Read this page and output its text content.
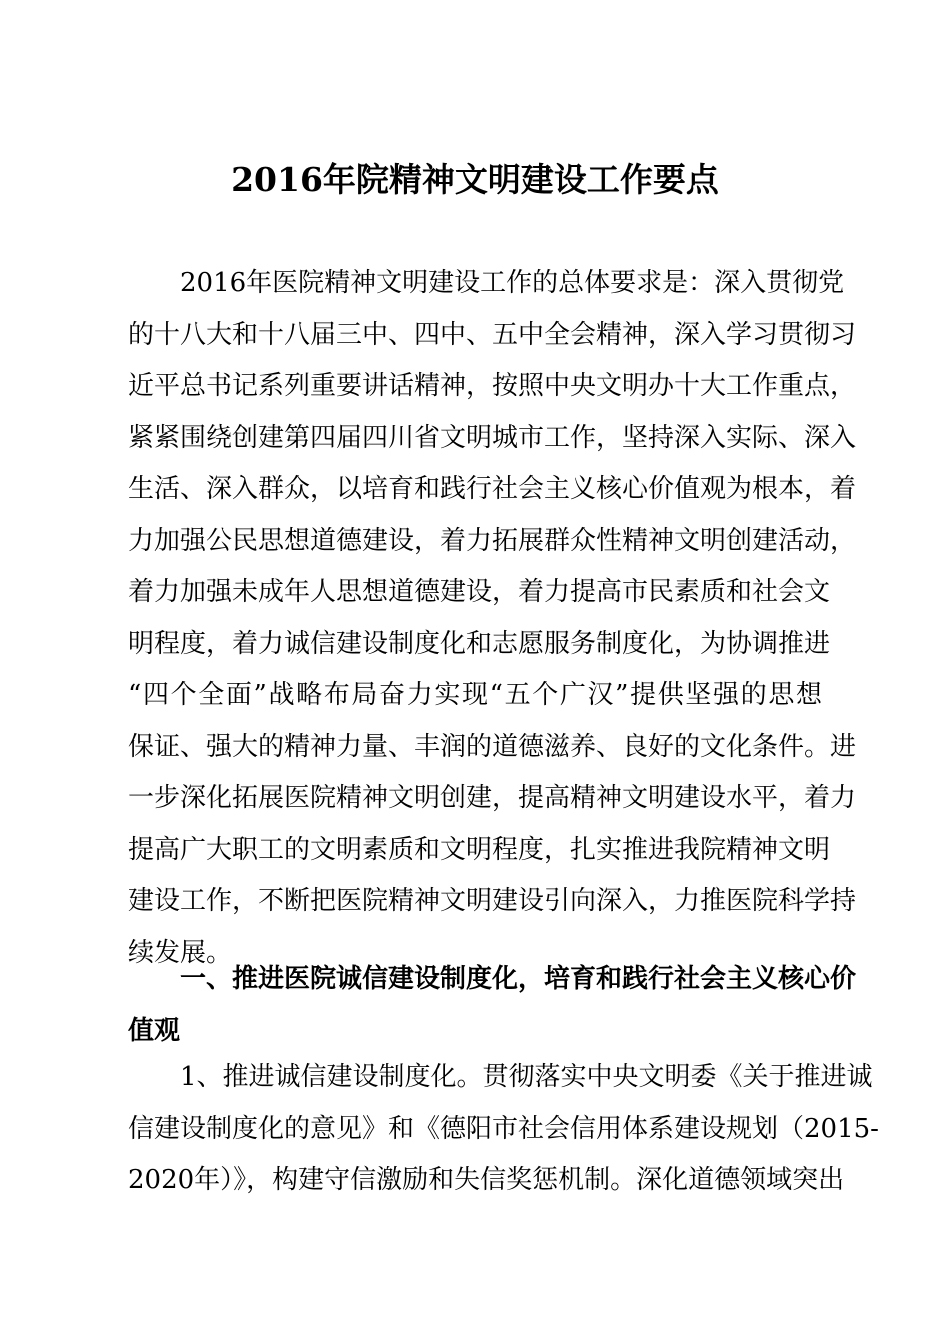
2016年院精神文明建设工作要点
2016年医院精神文明建设工作的总体要求是：深入贯彻党
的十八大和十八届三中、四中、五中全会精神，深入学习贯彻习
近平总书记系列重要讲话精神，按照中央文明办十大工作重点，
紧紧围绕创建第四届四川省文明城市工作，坚持深入实际、深入
生活、深入群众，以培育和践行社会主义核心价值观为根本，着
力加强公民思想道德建设，着力拓展群众性精神文明创建活动，
着力加强未成年人思想道德建设，着力提高市民素质和社会文
明程度，着力诚信建设制度化和志愿服务制度化，为协调推进
“四个全面”战略布局奋力实现“五个广汉”提供坚强的思想
保证、强大的精神力量、丰润的道德滋养、良好的文化条件。进
一步深化拓展医院精神文明创建，提高精神文明建设水平，着力
提高广大职工的文明素质和文明程度，扎实推进我院精神文明
建设工作，不断把医院精神文明建设引向深入，力推医院科学持
续发展。
一、推进医院诚信建设制度化，培育和践行社会主义核心价
值观
1、推进诚信建设制度化。贯彻落实中央文明委《关于推进诚
信建设制度化的意见》和《德阳市社会信用体系建设规划（2015-
2020年）》，构建守信激励和失信奖惩机制。深化道德领域突出
